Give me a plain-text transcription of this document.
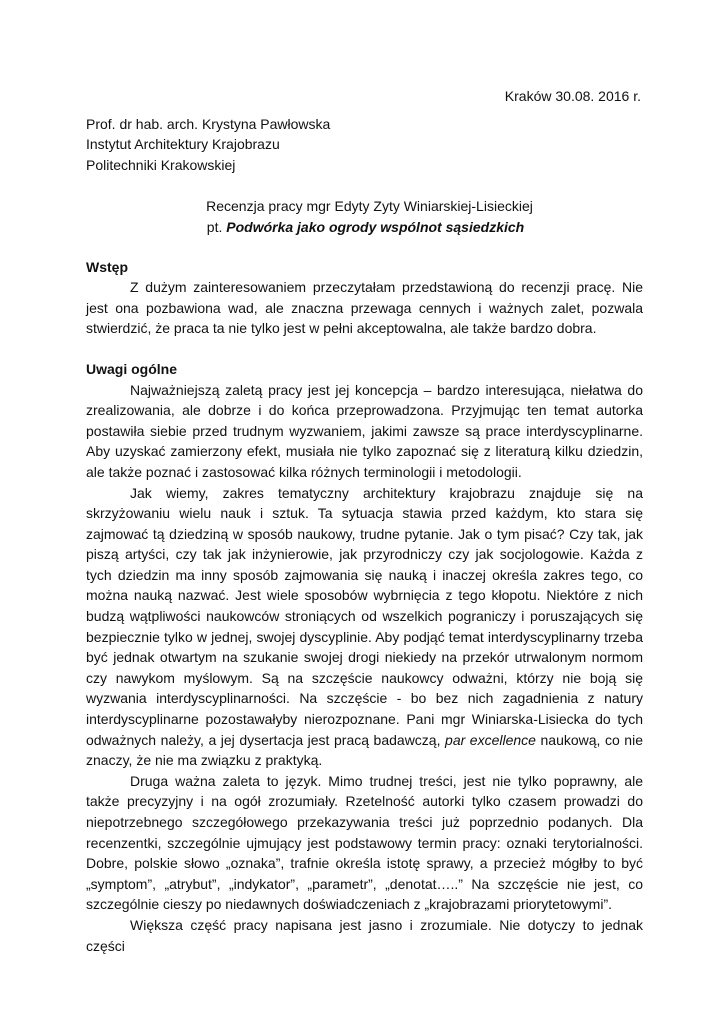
Kraków 30.08. 2016 r.
Prof. dr hab. arch. Krystyna Pawłowska
Instytut Architektury Krajobrazu
Politechniki Krakowskiej
Recenzja pracy mgr Edyty Zyty Winiarskiej-Lisieckiej
pt. Podwórka jako ogrody wspólnot sąsiedzkich
Wstęp

Z dużym zainteresowaniem przeczytałam przedstawioną do recenzji pracę. Nie jest ona pozbawiona wad, ale znaczna przewaga cennych i ważnych zalet, pozwala stwierdzić, że praca ta nie tylko jest w pełni akceptowalna, ale także bardzo dobra.

Uwagi ogólne

Najważniejszą zaletą pracy jest jej koncepcja – bardzo interesująca, niełatwa do zrealizowania, ale dobrze i do końca przeprowadzona. Przyjmując ten temat autorka postawiła siebie przed trudnym wyzwaniem, jakimi zawsze są prace interdyscyplinarne. Aby uzyskać zamierzony efekt, musiała nie tylko zapoznać się z literaturą kilku dziedzin, ale także poznać i zastosować kilka różnych terminologii i metodologii.

Jak wiemy, zakres tematyczny architektury krajobrazu znajduje się na skrzyżowaniu wielu nauk i sztuk. Ta sytuacja stawia przed każdym, kto stara się zajmować tą dziedziną w sposób naukowy, trudne pytanie. Jak o tym pisać? Czy tak, jak piszą artyści, czy tak jak inżynierowie, jak przyrodniczy czy jak socjologowie. Każda z tych dziedzin ma inny sposób zajmowania się nauką i inaczej określa zakres tego, co można nauką nazwać. Jest wiele sposobów wybrnięcia z tego kłopotu. Niektóre z nich budzą wątpliwości naukowców stroniących od wszelkich pograniczy i poruszających się bezpiecznie tylko w jednej, swojej dyscyplinie. Aby podjąć temat interdyscyplinarny trzeba być jednak otwartym na szukanie swojej drogi niekiedy na przekór utrwalonym normom czy nawykom myślowym. Są na szczęście naukowcy odważni, którzy nie boją się wyzwania interdyscyplinarności. Na szczęście - bo bez nich zagadnienia z natury interdyscyplinarne pozostawałyby nierozpoznane. Pani mgr Winiarska-Lisiecka do tych odważnych należy, a jej dysertacja jest pracą badawczą, par excellence naukową, co nie znaczy, że nie ma związku z praktyką.

Druga ważna zaleta to język. Mimo trudnej treści, jest nie tylko poprawny, ale także precyzyjny i na ogół zrozumiały. Rzetelność autorki tylko czasem prowadzi do niepotrzebnego szczegółowego przekazywania treści już poprzednio podanych. Dla recenzentki, szczególnie ujmujący jest podstawowy termin pracy: oznaki terytorialności. Dobre, polskie słowo „oznaka”, trafnie określa istotę sprawy, a przecież mógłby to być „symptom”, „atrybut”, „indykator”, „parametr”, „denotat…..” Na szczęście nie jest, co szczególnie cieszy po niedawnych doświadczeniach z „krajobrazami priorytetowymi”.

Większa część pracy napisana jest jasno i zrozumiale. Nie dotyczy to jednak części
